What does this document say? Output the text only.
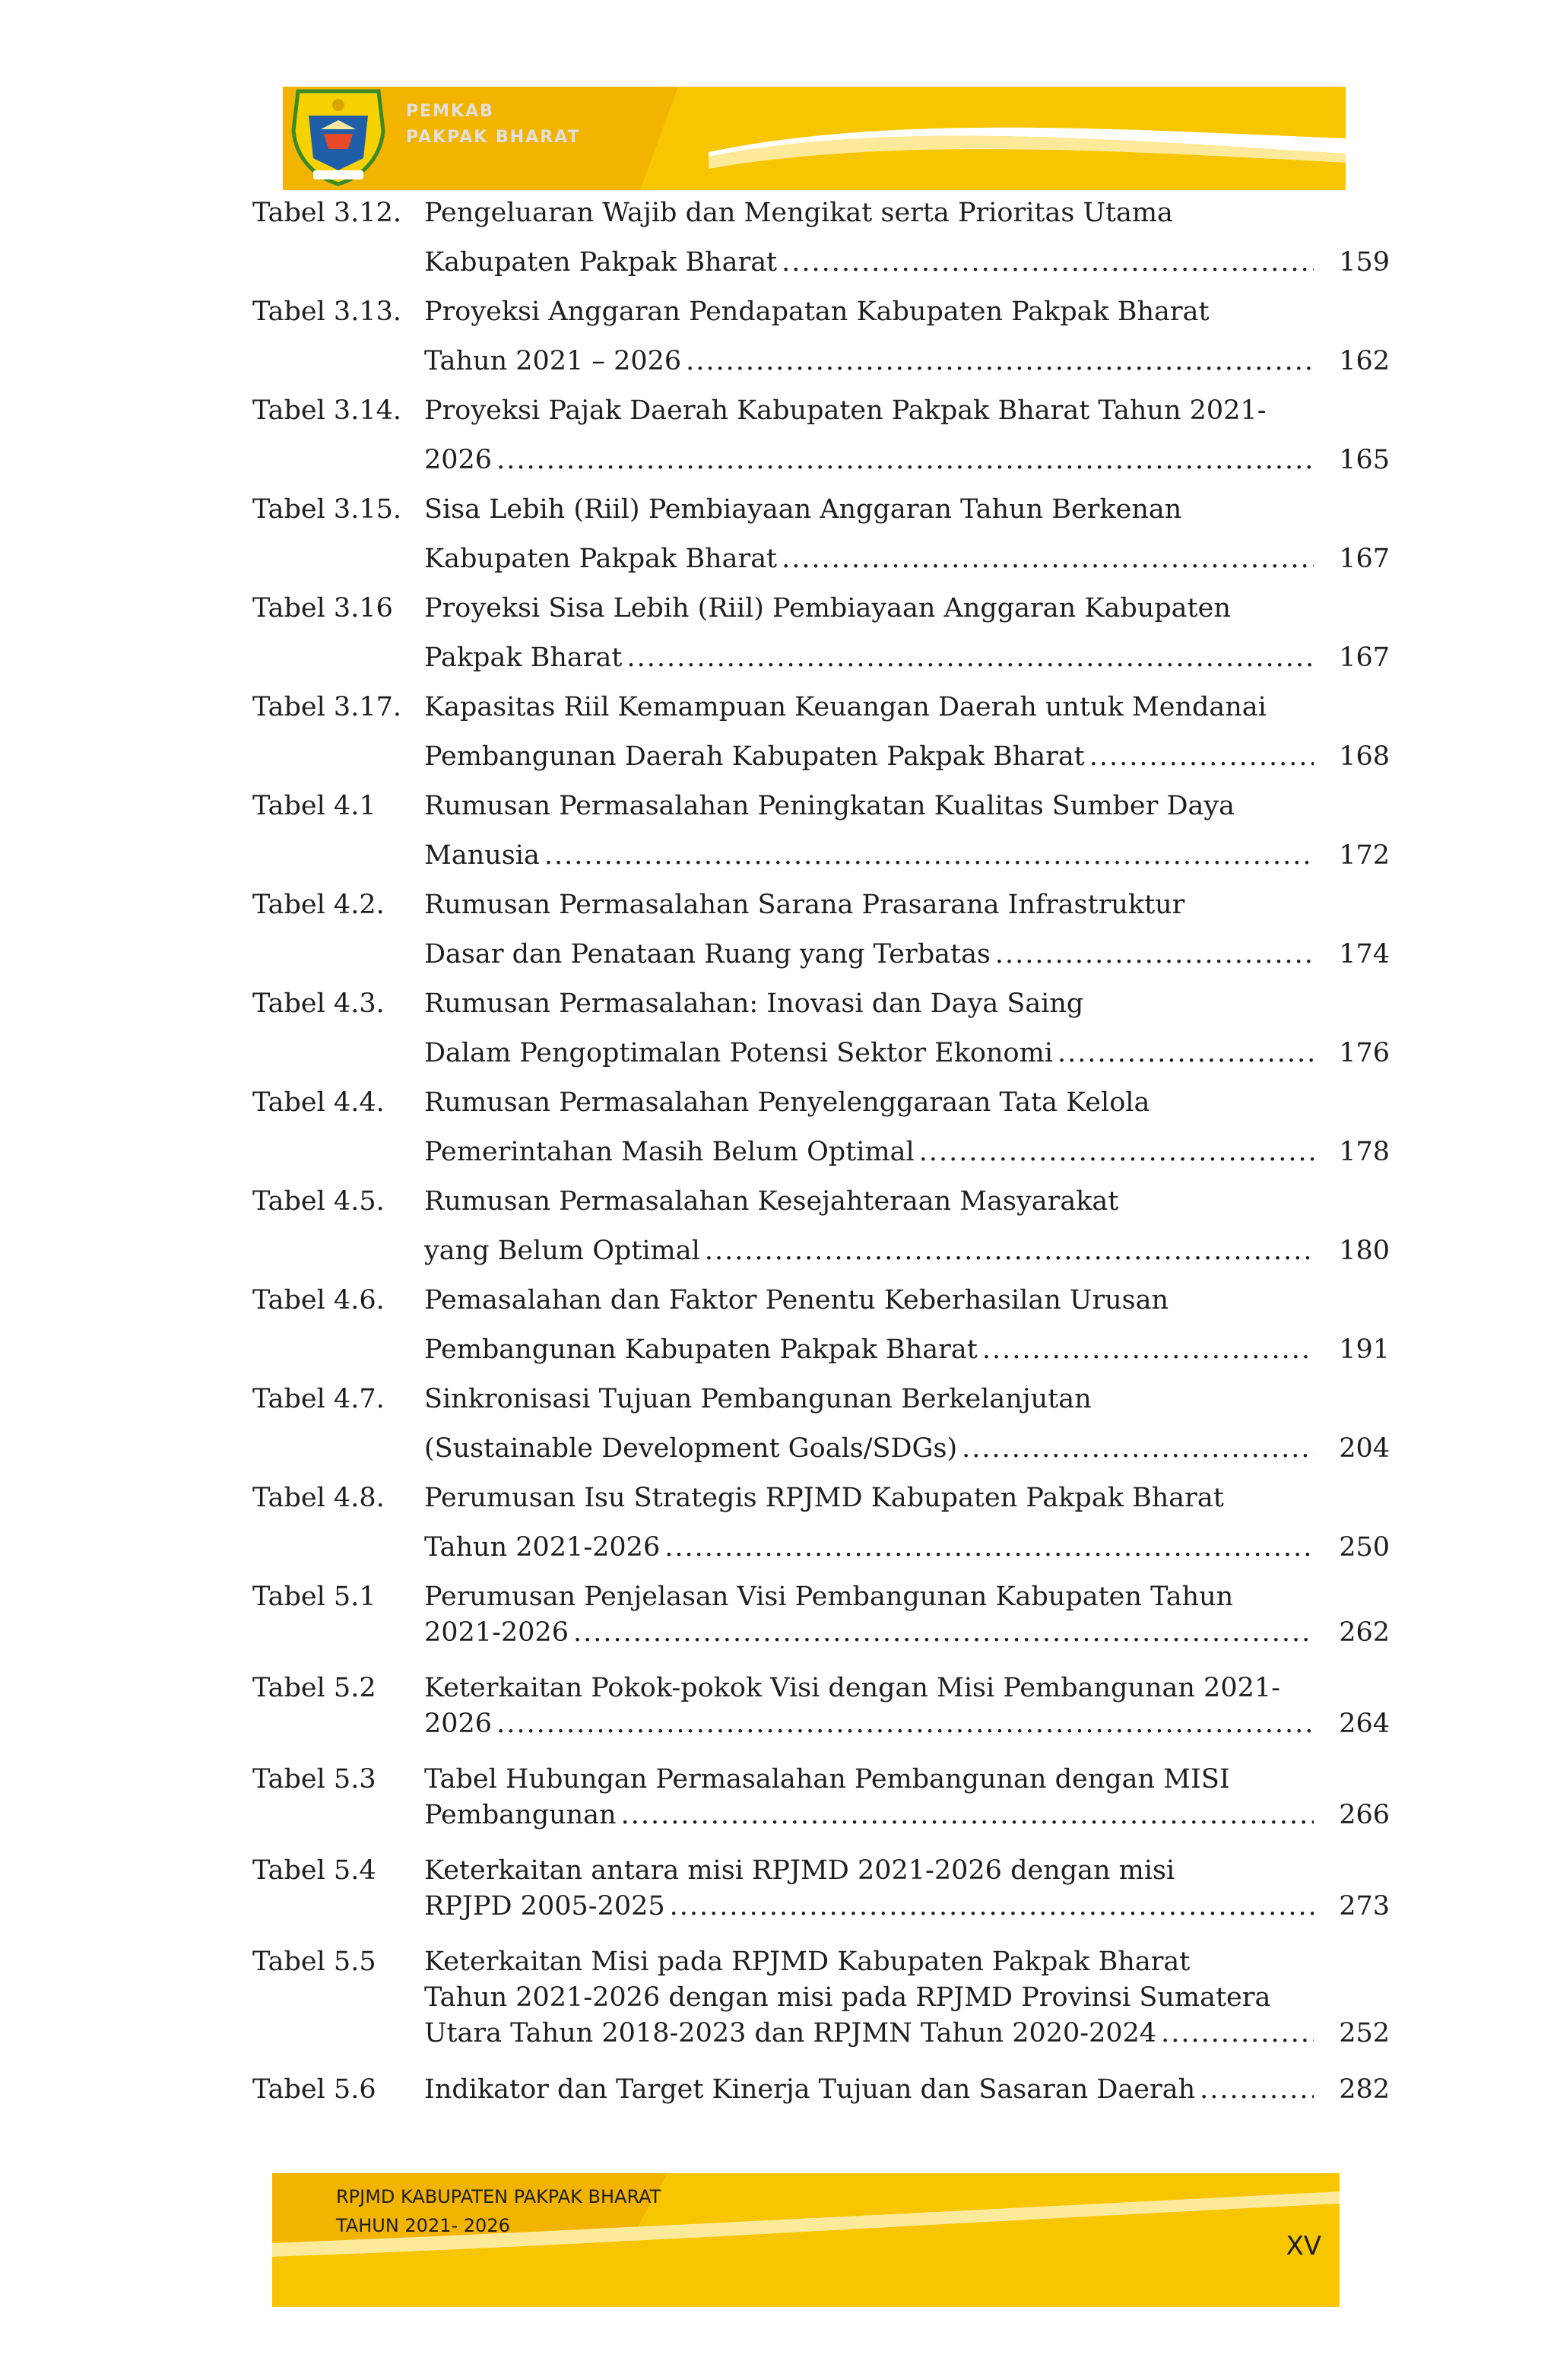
PEMKAB
PAKPAK BHARAT
Tabel 3.12. Pengeluaran Wajib dan Mengikat serta Prioritas Utama
Kabupaten Pakpak Bharat .....	159
Tabel 3.13. Proyeksi Anggaran Pendapatan Kabupaten Pakpak Bharat
Tahun 2021 – 2026 .....	162
Tabel 3.14. Proyeksi Pajak Daerah Kabupaten Pakpak Bharat Tahun 2021-
2026 .....	165
Tabel 3.15. Sisa Lebih (Riil) Pembiayaan Anggaran Tahun Berkenan
Kabupaten Pakpak Bharat .....	167
Tabel 3.16 Proyeksi Sisa Lebih (Riil) Pembiayaan Anggaran Kabupaten
Pakpak Bharat .....	167
Tabel 3.17. Kapasitas Riil Kemampuan Keuangan Daerah untuk Mendanai
Pembangunan Daerah Kabupaten Pakpak Bharat .....	168
Tabel 4.1 Rumusan Permasalahan Peningkatan Kualitas Sumber Daya
Manusia .....	172
Tabel 4.2. Rumusan Permasalahan Sarana Prasarana Infrastruktur
Dasar dan Penataan Ruang yang Terbatas .....	174
Tabel 4.3. Rumusan Permasalahan: Inovasi dan Daya Saing
Dalam Pengoptimalan Potensi Sektor Ekonomi .....	176
Tabel 4.4. Rumusan Permasalahan Penyelenggaraan Tata Kelola
Pemerintahan Masih Belum Optimal .....	178
Tabel 4.5. Rumusan Permasalahan Kesejahteraan Masyarakat
yang Belum Optimal .....	180
Tabel 4.6. Pemasalahan dan Faktor Penentu Keberhasilan Urusan
Pembangunan Kabupaten Pakpak Bharat .....	191
Tabel 4.7. Sinkronisasi Tujuan Pembangunan Berkelanjutan
(Sustainable Development Goals/SDGs) .....	204
Tabel 4.8. Perumusan Isu Strategis RPJMD Kabupaten Pakpak Bharat
Tahun 2021-2026 .....	250
Tabel 5.1 Perumusan Penjelasan Visi Pembangunan Kabupaten Tahun
2021-2026 .....	262
Tabel 5.2 Keterkaitan Pokok-pokok Visi dengan Misi Pembangunan 2021-
2026 .....	264
Tabel 5.3 Tabel Hubungan Permasalahan Pembangunan dengan MISI
Pembangunan .....	266
Tabel 5.4 Keterkaitan antara misi RPJMD 2021-2026 dengan misi
RPJPD 2005-2025 .....	273
Tabel 5.5 Keterkaitan Misi pada RPJMD Kabupaten Pakpak Bharat
Tahun 2021-2026 dengan misi pada RPJMD Provinsi Sumatera
Utara Tahun 2018-2023 dan RPJMN Tahun 2020-2024 .....	252
Tabel 5.6 Indikator dan Target Kinerja Tujuan dan Sasaran Daerah .....	282
RPJMD KABUPATEN PAKPAK BHARAT
TAHUN 2021- 2026
XV
